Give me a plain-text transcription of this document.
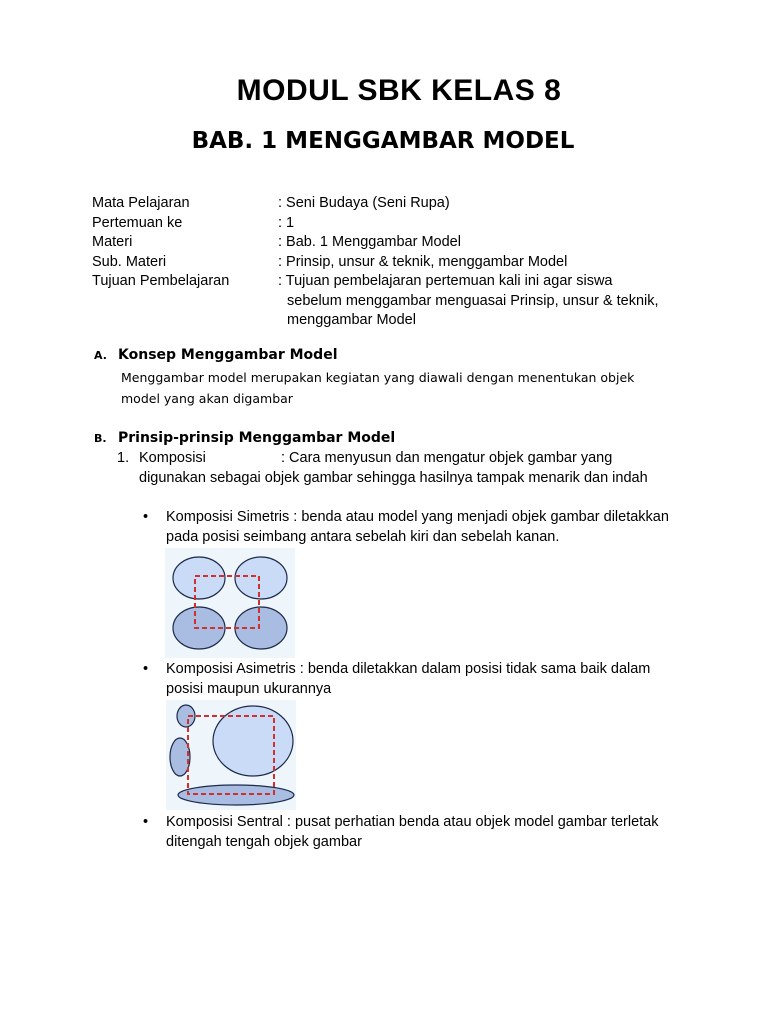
MODUL SBK KELAS 8
BAB. 1 MENGGAMBAR MODEL
Mata Pelajaran	: Seni Budaya (Seni Rupa)
Pertemuan ke	: 1
Materi	: Bab. 1 Menggambar Model
Sub. Materi	: Prinsip, unsur & teknik, menggambar Model
Tujuan Pembelajaran	: Tujuan pembelajaran pertemuan kali ini agar siswa sebelum menggambar menguasai Prinsip, unsur & teknik, menggambar Model
A. Konsep Menggambar Model
Menggambar model merupakan kegiatan yang diawali dengan menentukan objek model yang akan digambar
B. Prinsip-prinsip Menggambar Model
1. Komposisi	: Cara menyusun dan mengatur objek gambar yang
digunakan sebagai objek gambar sehingga hasilnya tampak menarik dan indah
• Komposisi Simetris : benda atau model yang menjadi objek gambar diletakkan pada posisi seimbang antara sebelah kiri dan sebelah kanan.
• Komposisi Asimetris : benda diletakkan dalam posisi tidak sama baik dalam posisi maupun ukurannya
• Komposisi Sentral : pusat perhatian benda atau objek model gambar terletak ditengah tengah objek gambar
